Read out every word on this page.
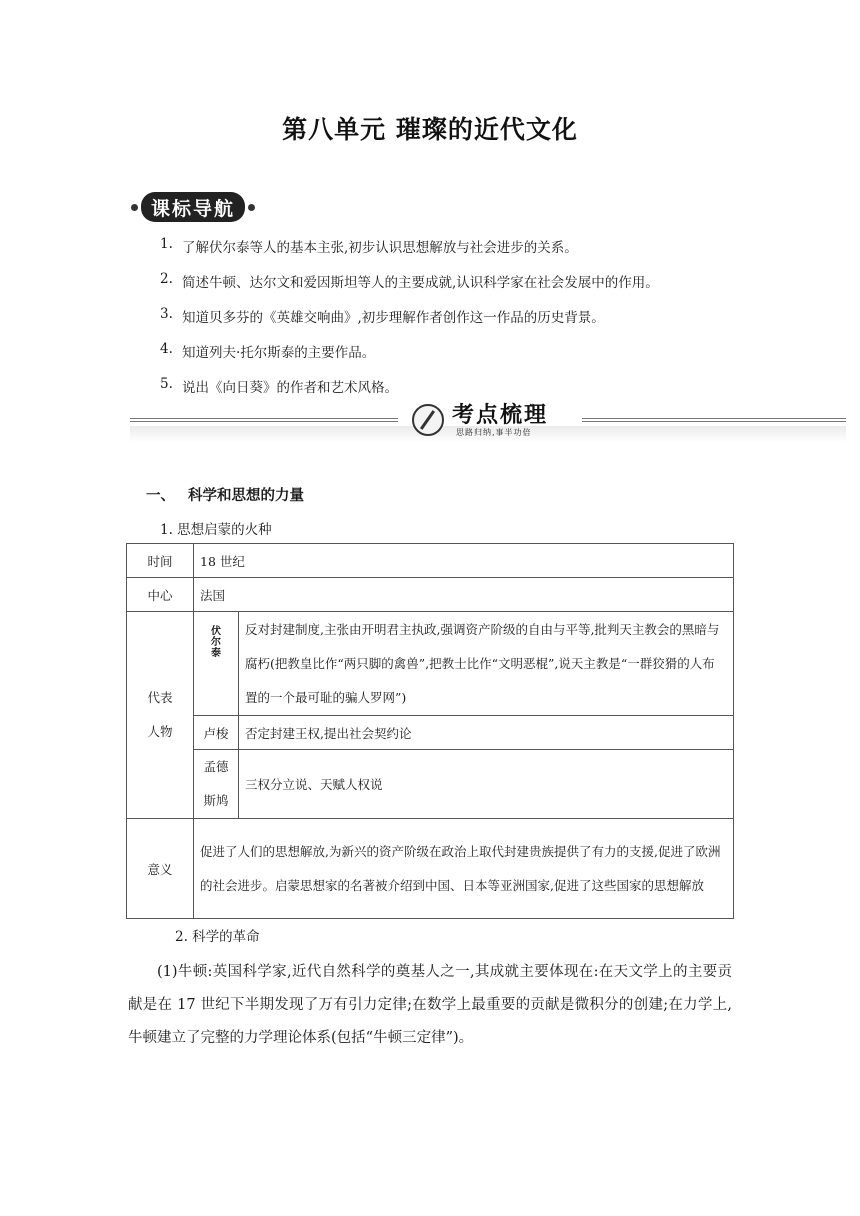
第八单元 璀璨的近代文化
课标导航
1. 了解伏尔泰等人的基本主张,初步认识思想解放与社会进步的关系。
2. 简述牛顿、达尔文和爱因斯坦等人的主要成就,认识科学家在社会发展中的作用。
3. 知道贝多芬的《英雄交响曲》,初步理解作者创作这一作品的历史背景。
4. 知道列夫·托尔斯泰的主要作品。
5. 说出《向日葵》的作者和艺术风格。
考点梳理
思路归纳,事半功倍
一、 科学和思想的力量
1. 思想启蒙的火种
时间	18 世纪	
中心	法国	

代表
人物	伏尔泰	反对封建制度,主张由开明君主执政,强调资产阶级的自由与平等,批判天主教会的黑暗与腐朽(把教皇比作“两只脚的禽兽”,把教士比作“文明恶棍”,说天主教是“一群狡猾的人布置的一个最可耻的骗人罗网”)
	卢梭	否定封建王权,提出社会契约论

	孟德
斯鸠	三权分立说、天赋人权说
意义	促进了人们的思想解放,为新兴的资产阶级在政治上取代封建贵族提供了有力的支援,促进了欧洲的社会进步。启蒙思想家的名著被介绍到中国、日本等亚洲国家,促进了这些国家的思想解放	
2. 科学的革命
(1)牛顿:英国科学家,近代自然科学的奠基人之一,其成就主要体现在:在天文学上的主要贡献是在 17 世纪下半期发现了万有引力定律;在数学上最重要的贡献是微积分的创建;在力学上,牛顿建立了完整的力学理论体系(包括“牛顿三定律”)。
